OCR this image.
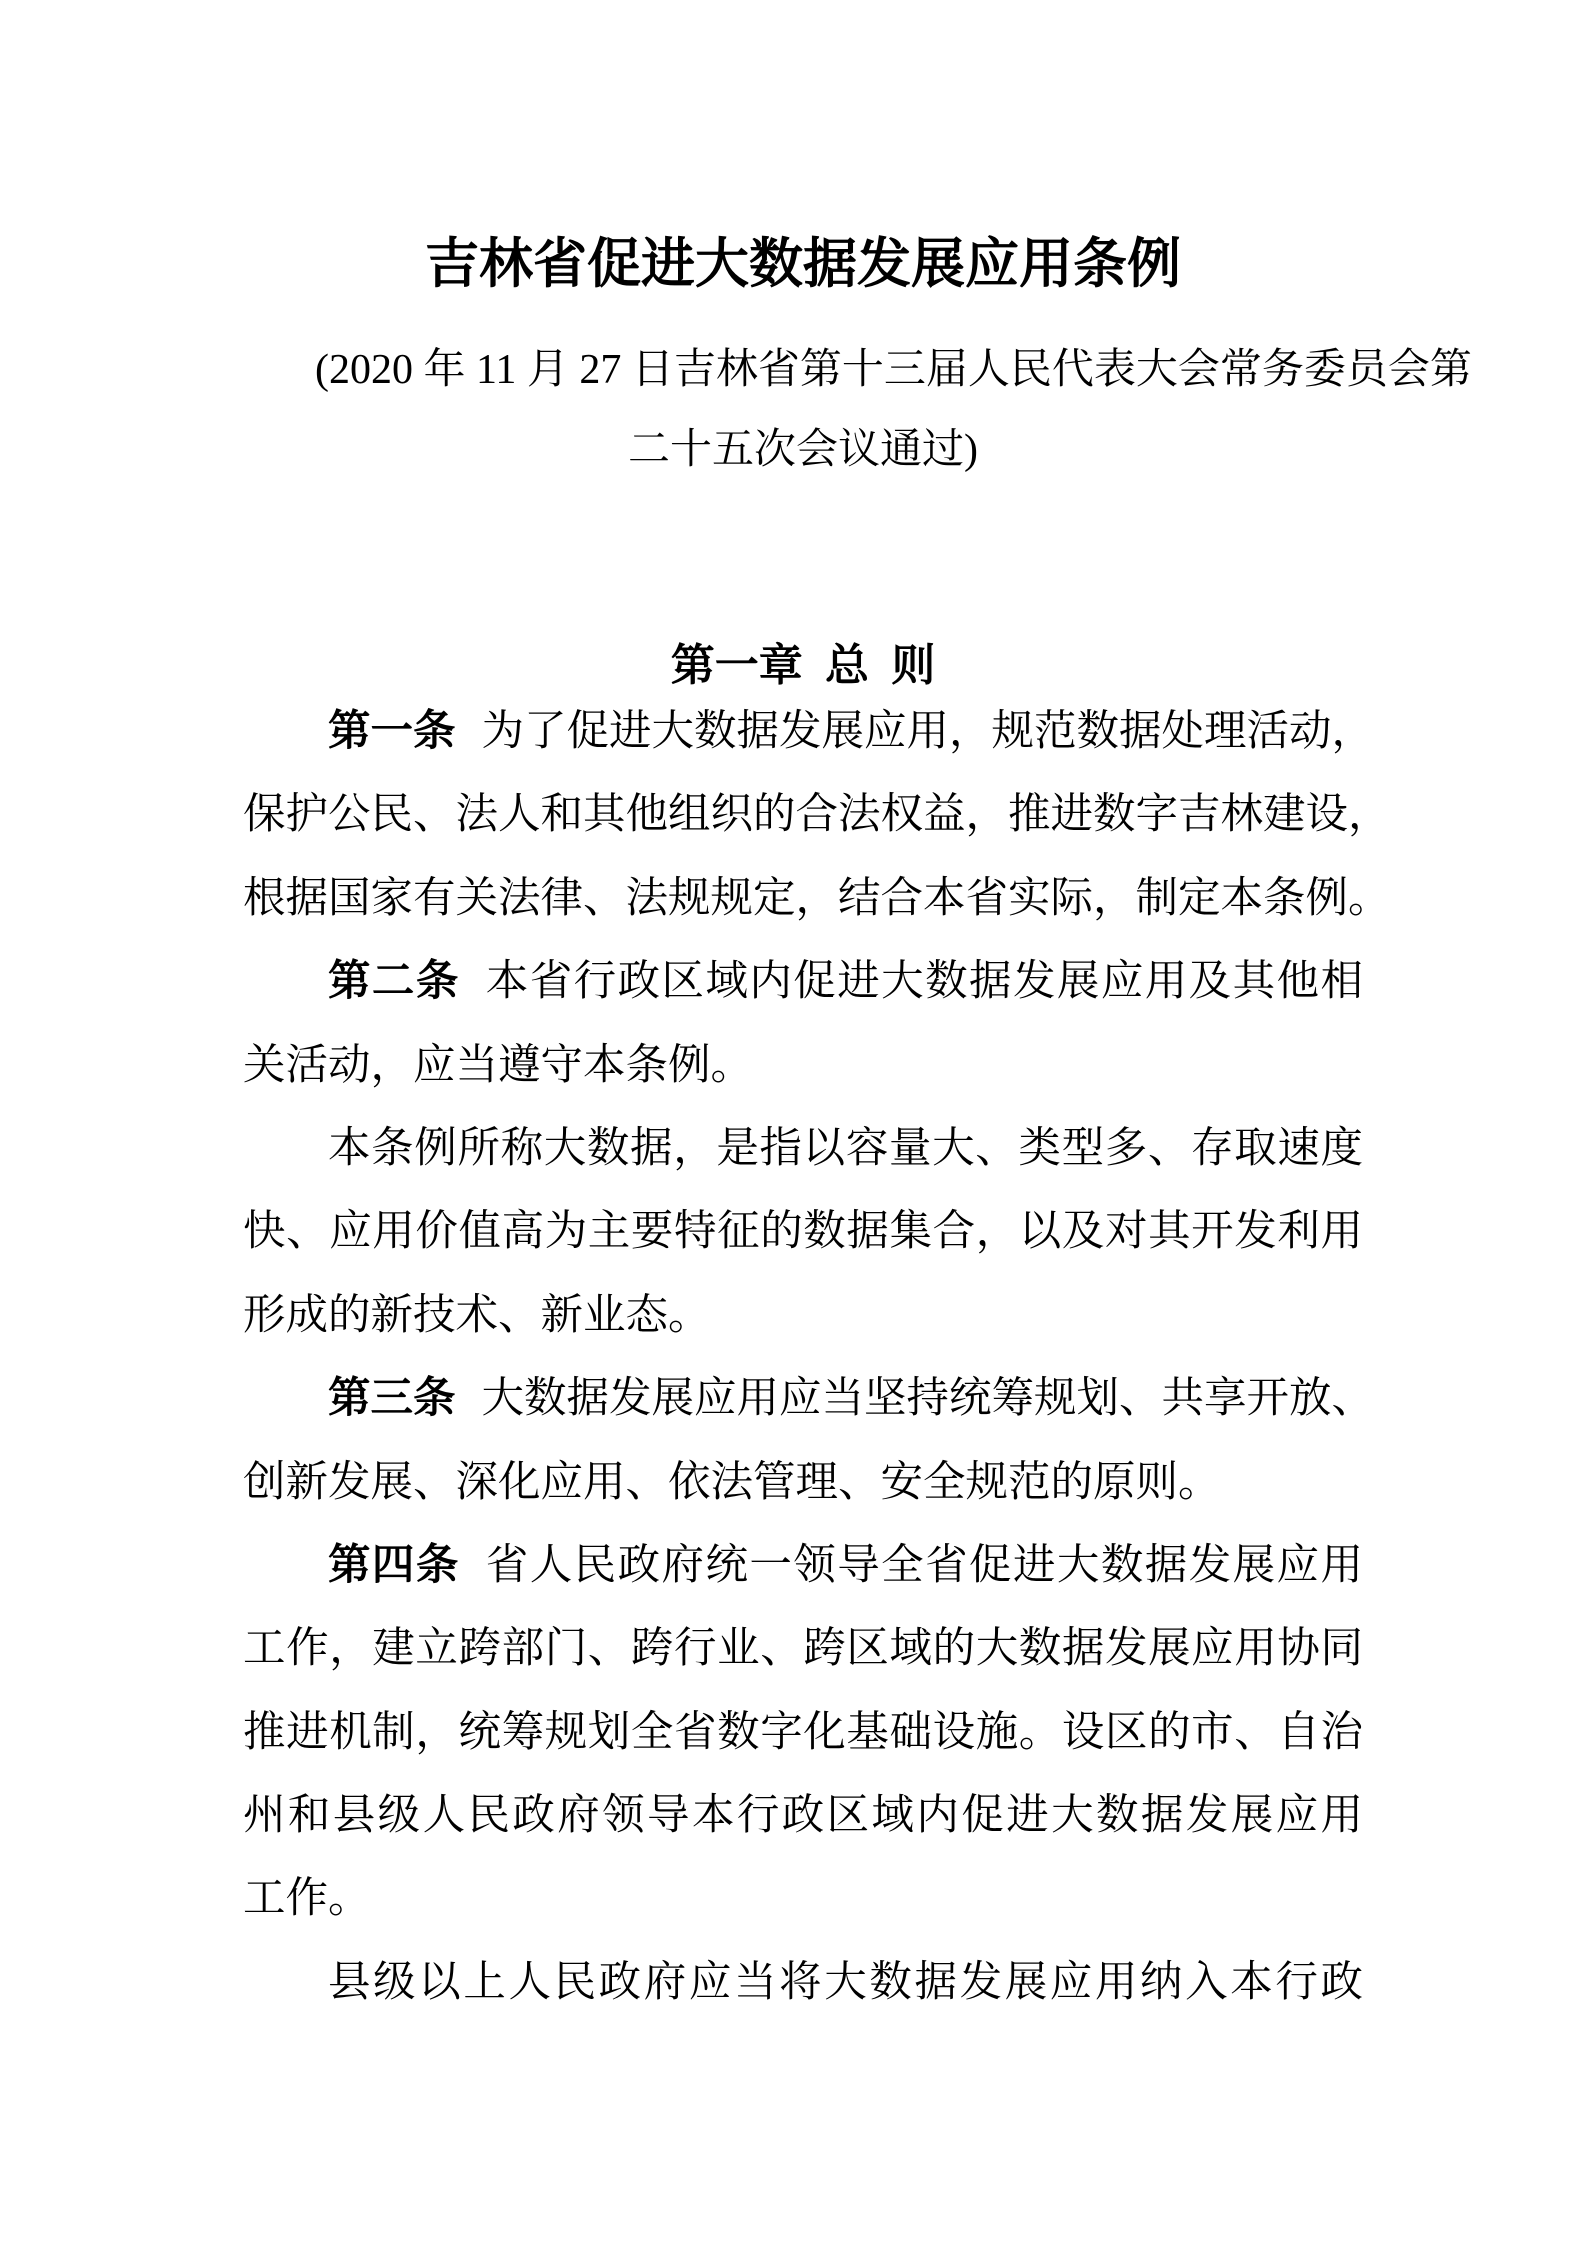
吉林省促进大数据发展应用条例
(2020 年 11 月 27 日吉林省第十三届人民代表大会常务委员会第
二十五次会议通过)
第一章 总 则
第一条 为了促进大数据发展应用，规范数据处理活动，
保护公民、法人和其他组织的合法权益，推进数字吉林建设，
根据国家有关法律、法规规定，结合本省实际，制定本条例。
第二条 本省行政区域内促进大数据发展应用及其他相
关活动，应当遵守本条例。
本条例所称大数据，是指以容量大、类型多、存取速度
快、应用价值高为主要特征的数据集合，以及对其开发利用
形成的新技术、新业态。
第三条 大数据发展应用应当坚持统筹规划、共享开放、
创新发展、深化应用、依法管理、安全规范的原则。
第四条 省人民政府统一领导全省促进大数据发展应用
工作，建立跨部门、跨行业、跨区域的大数据发展应用协同
推进机制，统筹规划全省数字化基础设施。设区的市、自治
州和县级人民政府领导本行政区域内促进大数据发展应用
工作。
县级以上人民政府应当将大数据发展应用纳入本行政
